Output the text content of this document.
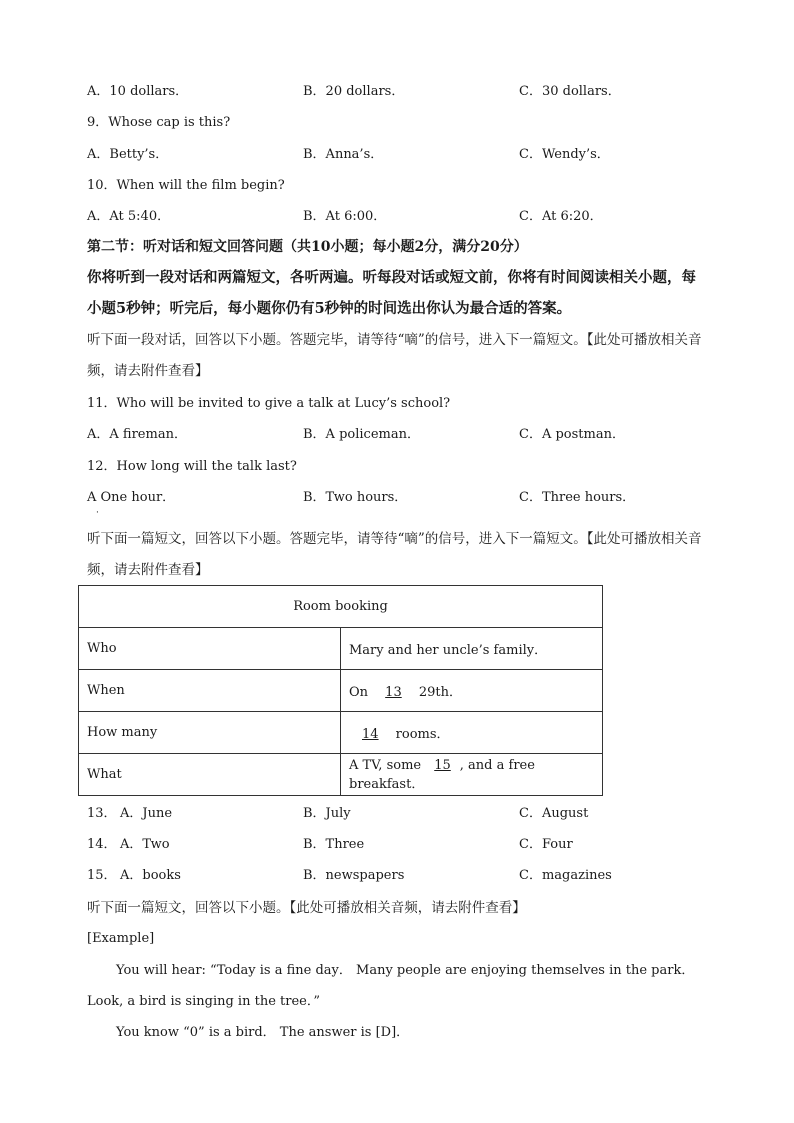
A．10 dollars．	B．20 dollars．	C．30 dollars．
9．Whose cap is this?
A．Betty’s．	B．Anna’s．	C．Wendy’s．
10．When will the film begin?
A．At 5:40．	B．At 6:00．	C．At 6:20．
第二节：听对话和短文回答问题（共10小题；每小题2分，满分20分）
你将听到一段对话和两篇短文，各听两遍。听每段对话或短文前，你将有时间阅读相关小题，每小题5秒钟；听完后，每小题你仍有5秒钟的时间选出你认为最合适的答案。
听下面一段对话，回答以下小题。答题完毕，请等待“嘀”的信号，进入下一篇短文。【此处可播放相关音频，请去附件查看】
11．Who will be invited to give a talk at Lucy’s school?
A．A fireman．	B．A policeman．	C．A postman．
12．How long will the talk last?
A One hour．	B．Two hours．	C．Three hours．
·
听下面一篇短文，回答以下小题。答题完毕，请等待“嘀”的信号，进入下一篇短文。【此处可播放相关音频，请去附件查看】
Room booking	
Who	Mary and her uncle’s family．
When	On 13 29th．
How many	14 rooms．
What	A TV, some 15 , and a free breakfast．
13． A．June	B．July	C．August
14． A．Two	B．Three	C．Four
15． A．books	B．newspapers	C．magazines
听下面一篇短文，回答以下小题。【此处可播放相关音频，请去附件查看】
[Example]
You will hear: “Today is a fine day． Many people are enjoying themselves in the park． Look, a bird is singing in the tree．”
You know “0” is a bird． The answer is [D]．
